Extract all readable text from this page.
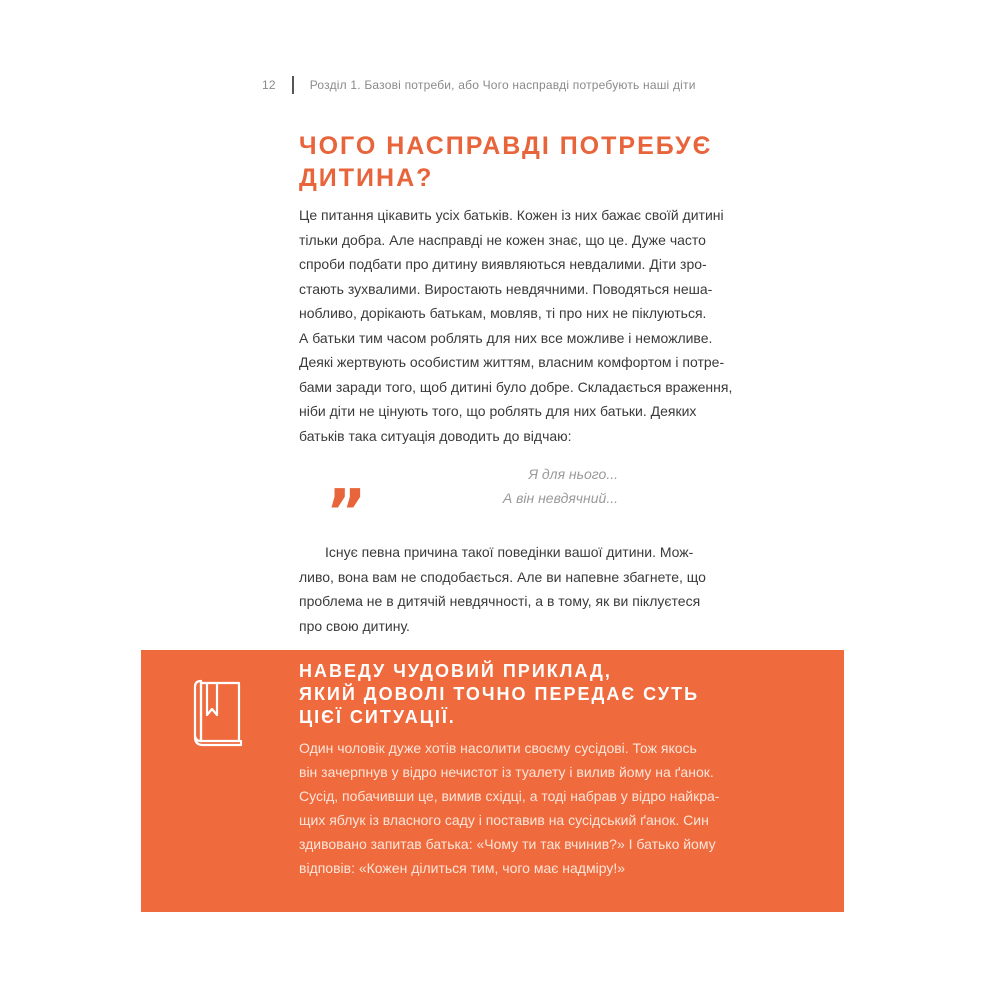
12	Розділ 1. Базові потреби, або Чого насправді потребують наші діти
ЧОГО НАСПРАВДІ ПОТРЕБУЄ
ДИТИНА?
Це питання цікавить усіх батьків. Кожен із них бажає своїй дитині
тільки добра. Але насправді не кожен знає, що це. Дуже часто
спроби подбати про дитину виявляються невдалими. Діти зро-
стають зухвалими. Виростають невдячними. Поводяться неша-
нобливо, дорікають батькам, мовляв, ті про них не піклуються.
А батьки тим часом роблять для них все можливе і неможливе.
Деякі жертвують особистим життям, власним комфортом і потре-
бами заради того, щоб дитині було добре. Складається враження,
ніби діти не цінують того, що роблять для них батьки. Деяких
батьків така ситуація доводить до відчаю:
„	Я для нього...
А він невдячний...
Існує певна причина такої поведінки вашої дитини. Мож-
ливо, вона вам не сподобається. Але ви напевне збагнете, що
проблема не в дитячій невдячності, а в тому, як ви піклуєтеся
про свою дитину.
НАВЕДУ ЧУДОВИЙ ПРИКЛАД,
ЯКИЙ ДОВОЛІ ТОЧНО ПЕРЕДАЄ СУТЬ
ЦІЄЇ СИТУАЦІЇ.
Один чоловік дуже хотів насолити своєму сусідові. Тож якось
він зачерпнув у відро нечистот із туалету і вилив йому на ґанок.
Сусід, побачивши це, вимив східці, а тоді набрав у відро найкра-
щих яблук із власного саду і поставив на сусідський ґанок. Син
здивовано запитав батька: «Чому ти так вчинив?» І батько йому
відповів: «Кожен ділиться тим, чого має надміру!»
